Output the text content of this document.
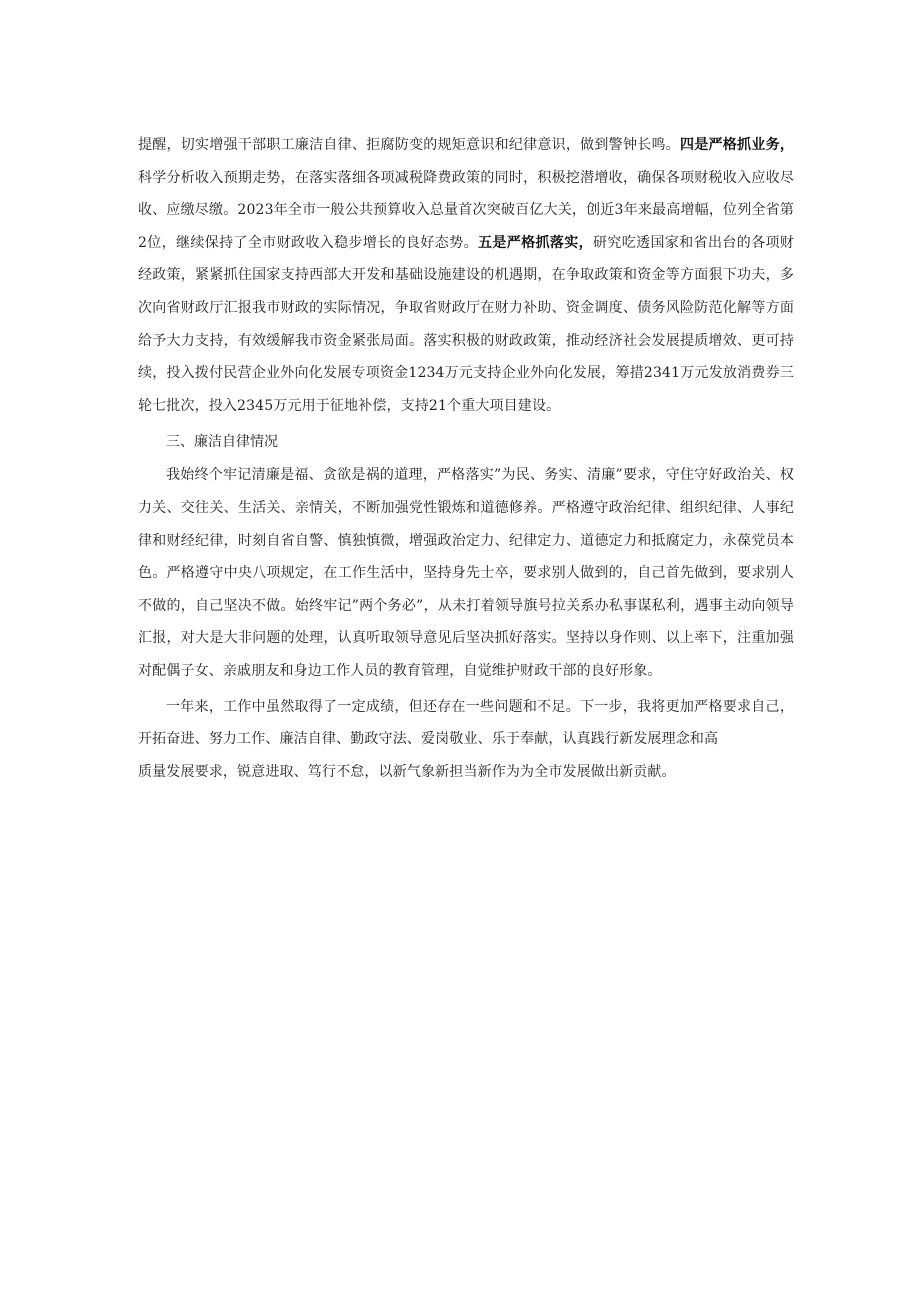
提醒，切实增强干部职工廉洁自律、拒腐防变的规矩意识和纪律意识，做到警钟长鸣。四是严格抓业务，科学分析收入预期走势，在落实落细各项减税降费政策的同时，积极挖潜增收，确保各项财税收入应收尽收、应缴尽缴。2023年全市一般公共预算收入总量首次突破百亿大关，创近3年来最高增幅，位列全省第2位，继续保持了全市财政收入稳步增长的良好态势。五是严格抓落实，研究吃透国家和省出台的各项财经政策，紧紧抓住国家支持西部大开发和基础设施建设的机遇期，在争取政策和资金等方面狠下功夫，多次向省财政厅汇报我市财政的实际情况，争取省财政厅在财力补助、资金调度、债务风险防范化解等方面给予大力支持，有效缓解我市资金紧张局面。落实积极的财政政策，推动经济社会发展提质增效、更可持续，投入拨付民营企业外向化发展专项资金1234万元支持企业外向化发展，筹措2341万元发放消费券三轮七批次，投入2345万元用于征地补偿，支持21个重大项目建设。

三、廉洁自律情况

我始终个牢记清廉是福、贪欲是祸的道理，严格落实”为民、务实、清廉”要求，守住守好政治关、权力关、交往关、生活关、亲情关，不断加强党性锻炼和道德修养。严格遵守政治纪律、组织纪律、人事纪律和财经纪律，时刻自省自警、慎独慎微，增强政治定力、纪律定力、道德定力和抵腐定力，永葆党员本色。严格遵守中央八项规定，在工作生活中，坚持身先士卒，要求别人做到的，自己首先做到，要求别人不做的，自己坚决不做。始终牢记”两个务必”，从未打着领导旗号拉关系办私事谋私利，遇事主动向领导汇报，对大是大非问题的处理，认真听取领导意见后坚决抓好落实。坚持以身作则、以上率下，注重加强对配偶子女、亲戚朋友和身边工作人员的教育管理，自觉维护财政干部的良好形象。

一年来，工作中虽然取得了一定成绩，但还存在一些问题和不足。下一步，我将更加严格要求自己，开拓奋进、努力工作、廉洁自律、勤政守法、爱岗敬业、乐于奉献，认真践行新发展理念和高

质量发展要求，锐意进取、笃行不怠，以新气象新担当新作为为全市发展做出新贡献。
